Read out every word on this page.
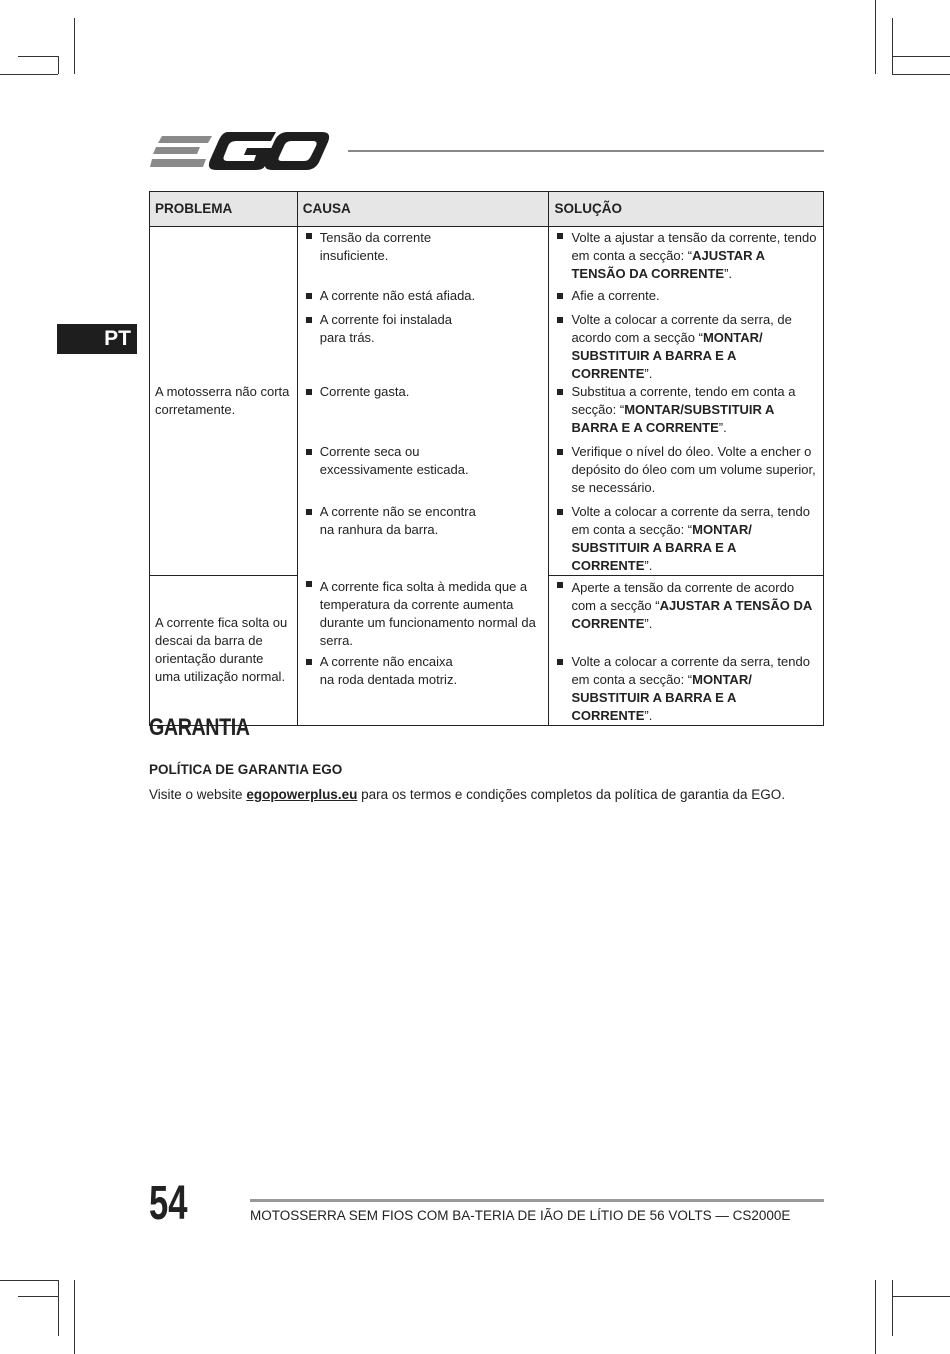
PT
PROBLEMA	CAUSA	SOLUÇÃO
A motosserra não corta corretamente.	Tensão da corrente insuficiente.	Volte a ajustar a tensão da corrente, tendo em conta a secção: “AJUSTAR A TENSÃO DA CORRENTE”.

	A corrente não está afiada.	Afie a corrente.

	A corrente foi instalada para trás.	Volte a colocar a corrente da serra, de acordo com a secção “MONTAR/ SUBSTITUIR A BARRA E A CORRENTE”.

	Corrente gasta.	Substitua a corrente, tendo em conta a secção: “MONTAR/SUBSTITUIR A BARRA E A CORRENTE”.

	Corrente seca ou excessivamente esticada.	Verifique o nível do óleo. Volte a encher o depósito do óleo com um volume superior, se necessário.

	A corrente não se encontra na ranhura da barra.	Volte a colocar a corrente da serra, tendo em conta a secção: “MONTAR/ SUBSTITUIR A BARRA E A CORRENTE”.

A corrente fica solta ou descai da barra de orientação durante uma utilização normal.	A corrente fica solta à medida que a temperatura da corrente aumenta durante um funcionamento normal da serra.	Aperte a tensão da corrente de acordo com a secção “AJUSTAR A TENSÃO DA CORRENTE”.

	A corrente não encaixa na roda dentada motriz.	Volte a colocar a corrente da serra, tendo em conta a secção: “MONTAR/ SUBSTITUIR A BARRA E A CORRENTE”.
GARANTIA
POLÍTICA DE GARANTIA EGO
Visite o website egopowerplus.eu para os termos e condições completos da política de garantia da EGO.
54	MOTOSSERRA SEM FIOS COM BA-TERIA DE IÃO DE LÍTIO DE 56 VOLTS — CS2000E
